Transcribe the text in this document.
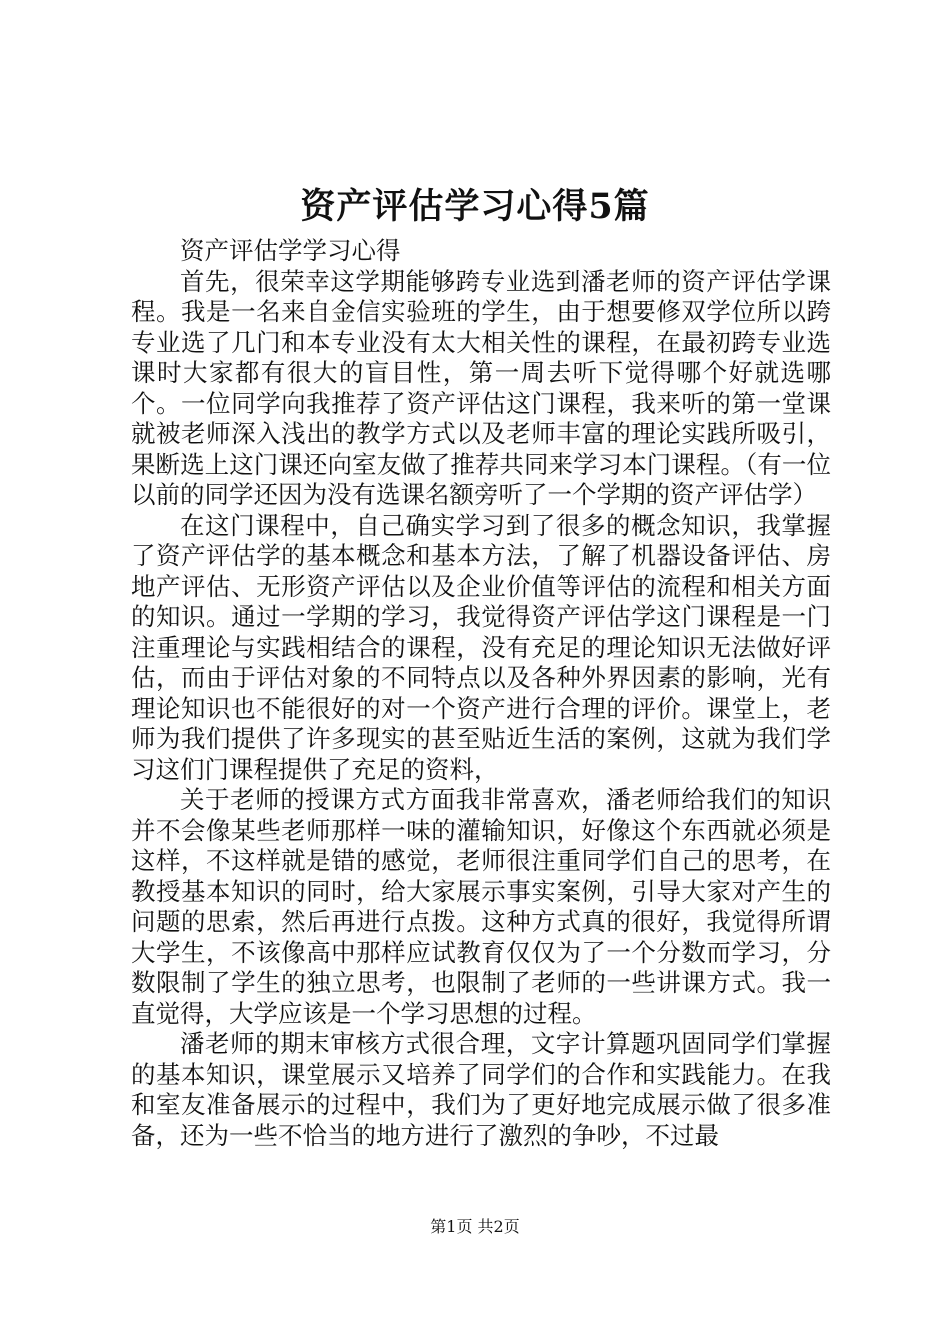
资产评估学习心得5篇

资产评估学学习心得

首先，很荣幸这学期能够跨专业选到潘老师的资产评估学课程。我是一名来自金信实验班的学生，由于想要修双学位所以跨专业选了几门和本专业没有太大相关性的课程，在最初跨专业选课时大家都有很大的盲目性，第一周去听下觉得哪个好就选哪个。一位同学向我推荐了资产评估这门课程，我来听的第一堂课就被老师深入浅出的教学方式以及老师丰富的理论实践所吸引，果断选上这门课还向室友做了推荐共同来学习本门课程。（有一位以前的同学还因为没有选课名额旁听了一个学期的资产评估学）

在这门课程中，自己确实学习到了很多的概念知识，我掌握了资产评估学的基本概念和基本方法，了解了机器设备评估、房地产评估、无形资产评估以及企业价值等评估的流程和相关方面的知识。通过一学期的学习，我觉得资产评估学这门课程是一门注重理论与实践相结合的课程，没有充足的理论知识无法做好评估，而由于评估对象的不同特点以及各种外界因素的影响，光有理论知识也不能很好的对一个资产进行合理的评价。课堂上，老师为我们提供了许多现实的甚至贴近生活的案例，这就为我们学习这们门课程提供了充足的资料，

关于老师的授课方式方面我非常喜欢，潘老师给我们的知识并不会像某些老师那样一味的灌输知识，好像这个东西就必须是这样，不这样就是错的感觉，老师很注重同学们自己的思考，在教授基本知识的同时，给大家展示事实案例，引导大家对产生的问题的思索，然后再进行点拨。这种方式真的很好，我觉得所谓大学生，不该像高中那样应试教育仅仅为了一个分数而学习，分数限制了学生的独立思考，也限制了老师的一些讲课方式。我一直觉得，大学应该是一个学习思想的过程。

潘老师的期末审核方式很合理，文字计算题巩固同学们掌握的基本知识，课堂展示又培养了同学们的合作和实践能力。在我和室友准备展示的过程中，我们为了更好地完成展示做了很多准备，还为一些不恰当的地方进行了激烈的争吵，不过最

第1页 共2页
